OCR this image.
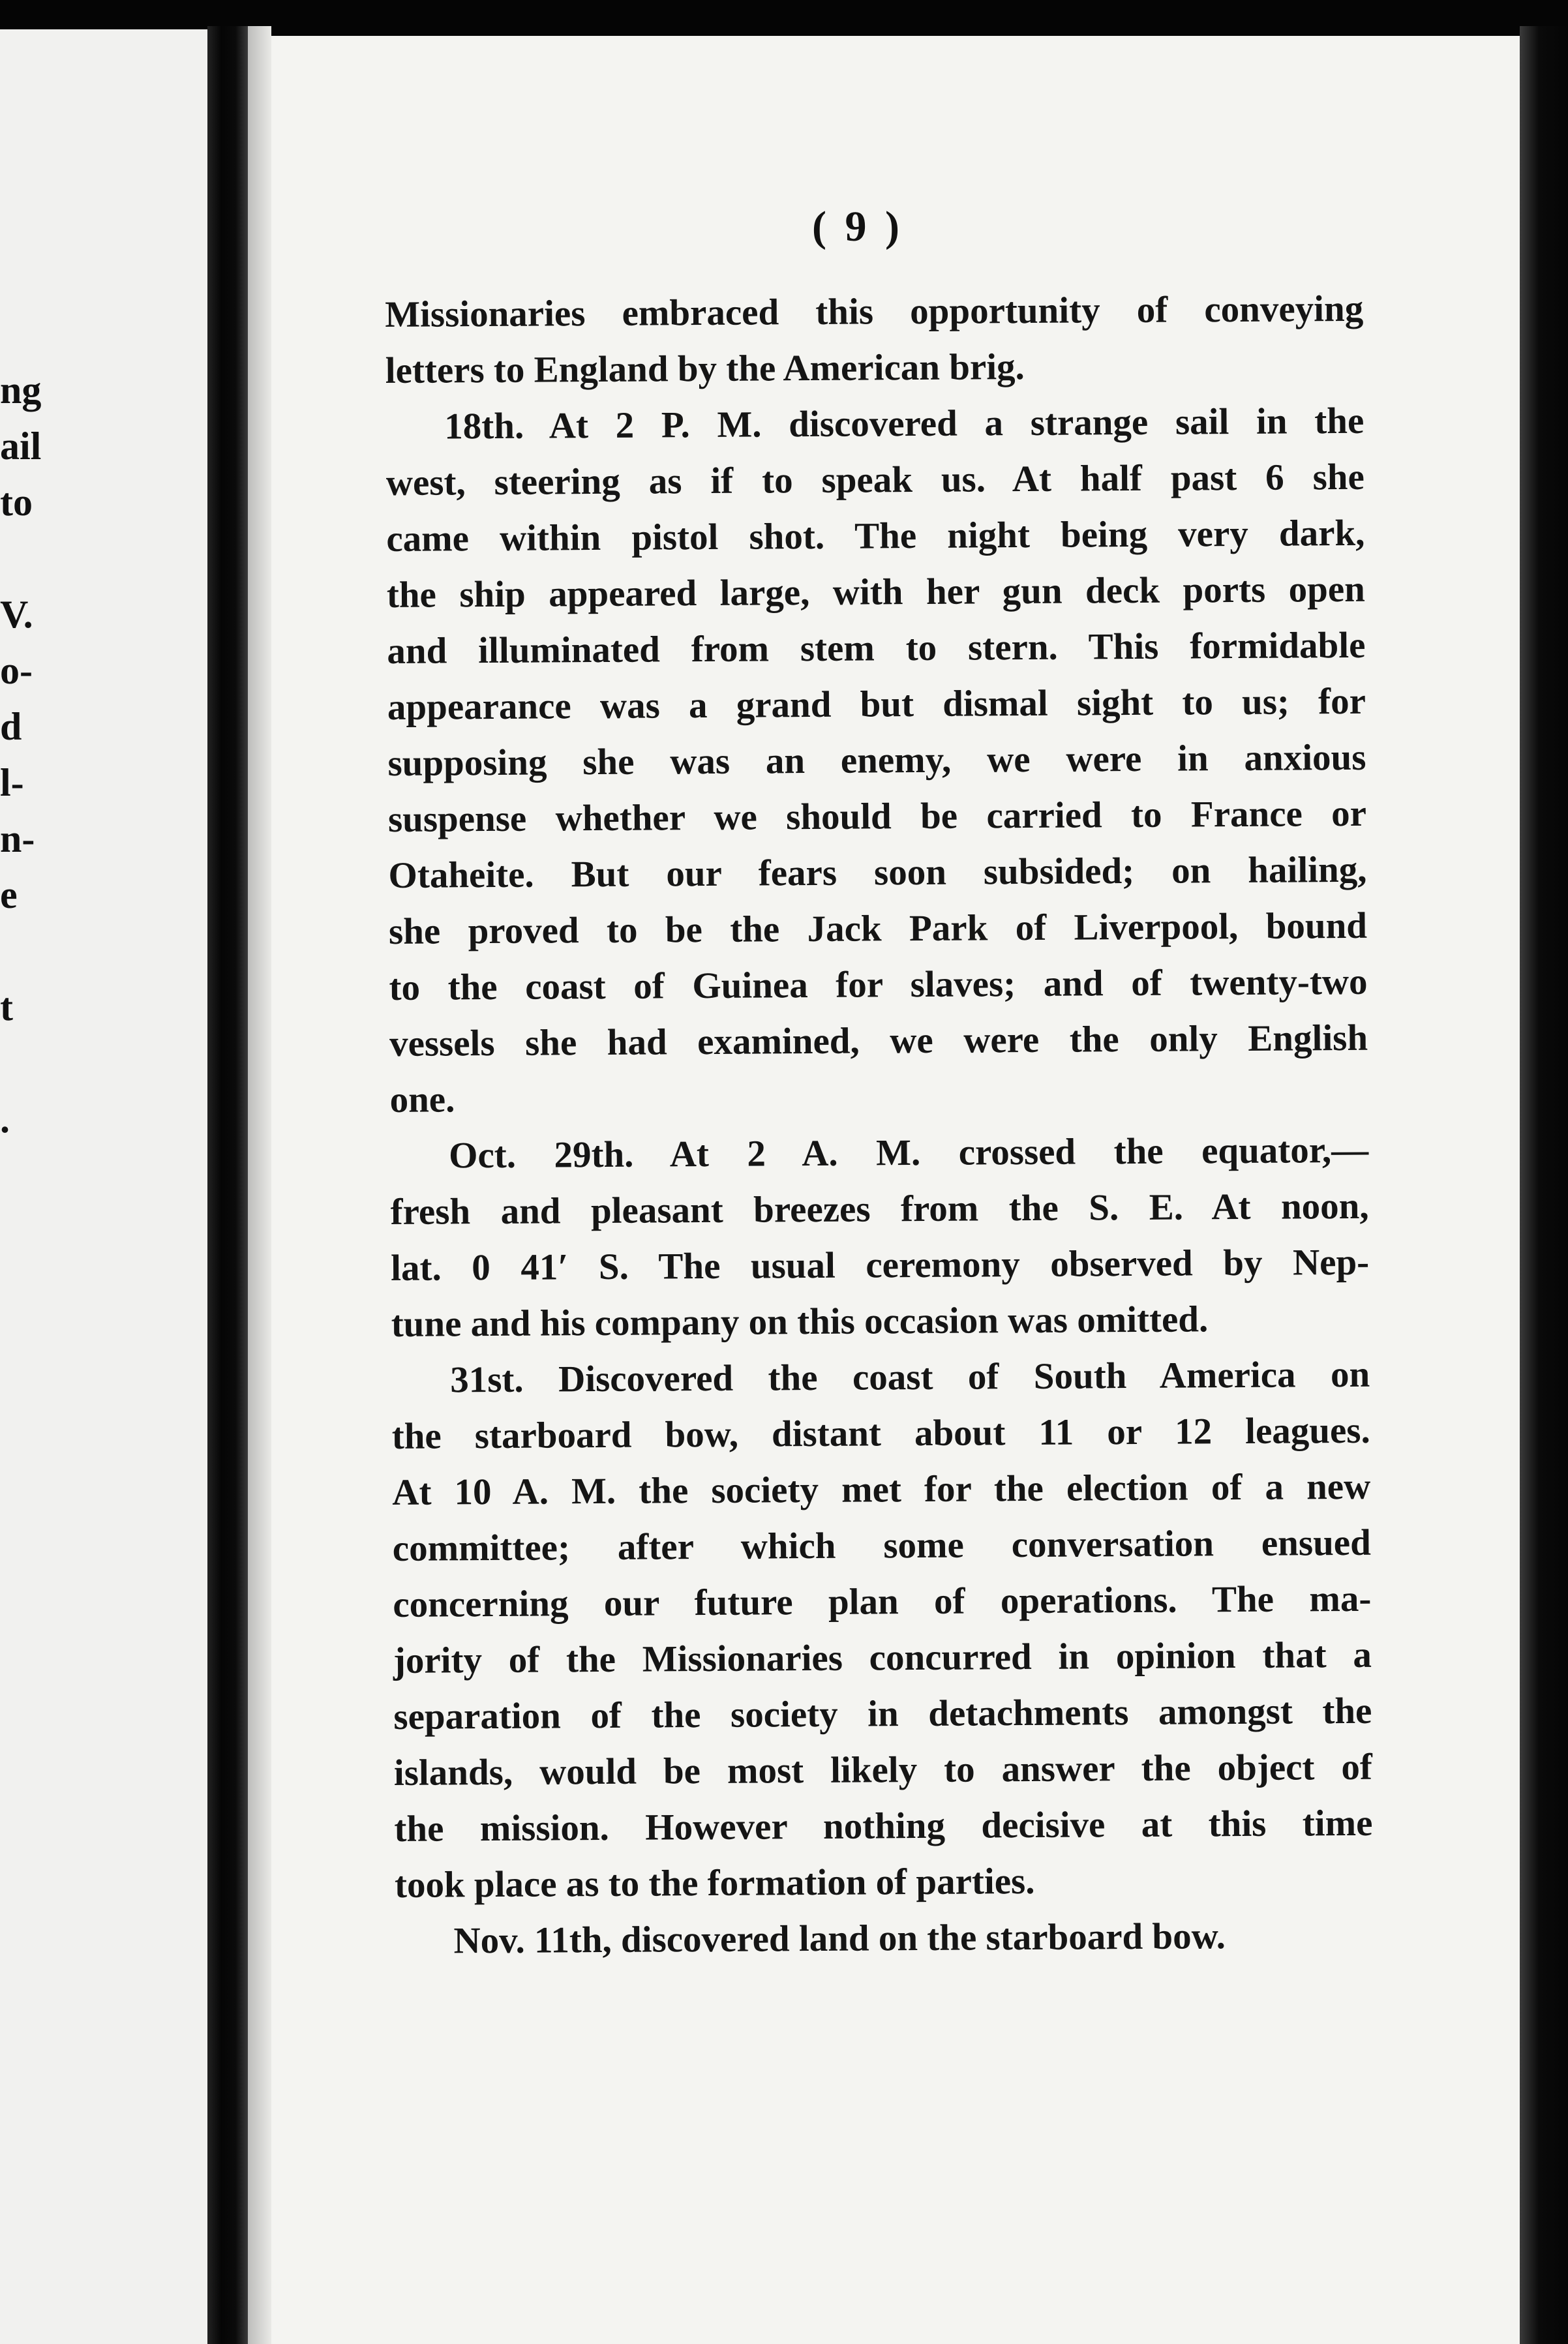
ng
ail
to
V.
o-
d
l-
n-
e
t
.
( 9 )
Missionaries embraced this opportunity of conveying
letters to England by the American brig.
18th. At 2 P. M. discovered a strange sail in the
west, steering as if to speak us. At half past 6 she
came within pistol shot. The night being very dark,
the ship appeared large, with her gun deck ports open
and illuminated from stem to stern. This formidable
appearance was a grand but dismal sight to us; for
supposing she was an enemy, we were in anxious
suspense whether we should be carried to France or
Otaheite. But our fears soon subsided; on hailing,
she proved to be the Jack Park of Liverpool, bound
to the coast of Guinea for slaves; and of twenty-two
vessels she had examined, we were the only English
one.
Oct. 29th. At 2 A. M. crossed the equator,—
fresh and pleasant breezes from the S. E. At noon,
lat. 0 41′ S. The usual ceremony observed by Nep-
tune and his company on this occasion was omitted.
31st. Discovered the coast of South America on
the starboard bow, distant about 11 or 12 leagues.
At 10 A. M. the society met for the election of a new
committee; after which some conversation ensued
concerning our future plan of operations. The ma-
jority of the Missionaries concurred in opinion that a
separation of the society in detachments amongst the
islands, would be most likely to answer the object of
the mission. However nothing decisive at this time
took place as to the formation of parties.
Nov. 11th, discovered land on the starboard bow.
